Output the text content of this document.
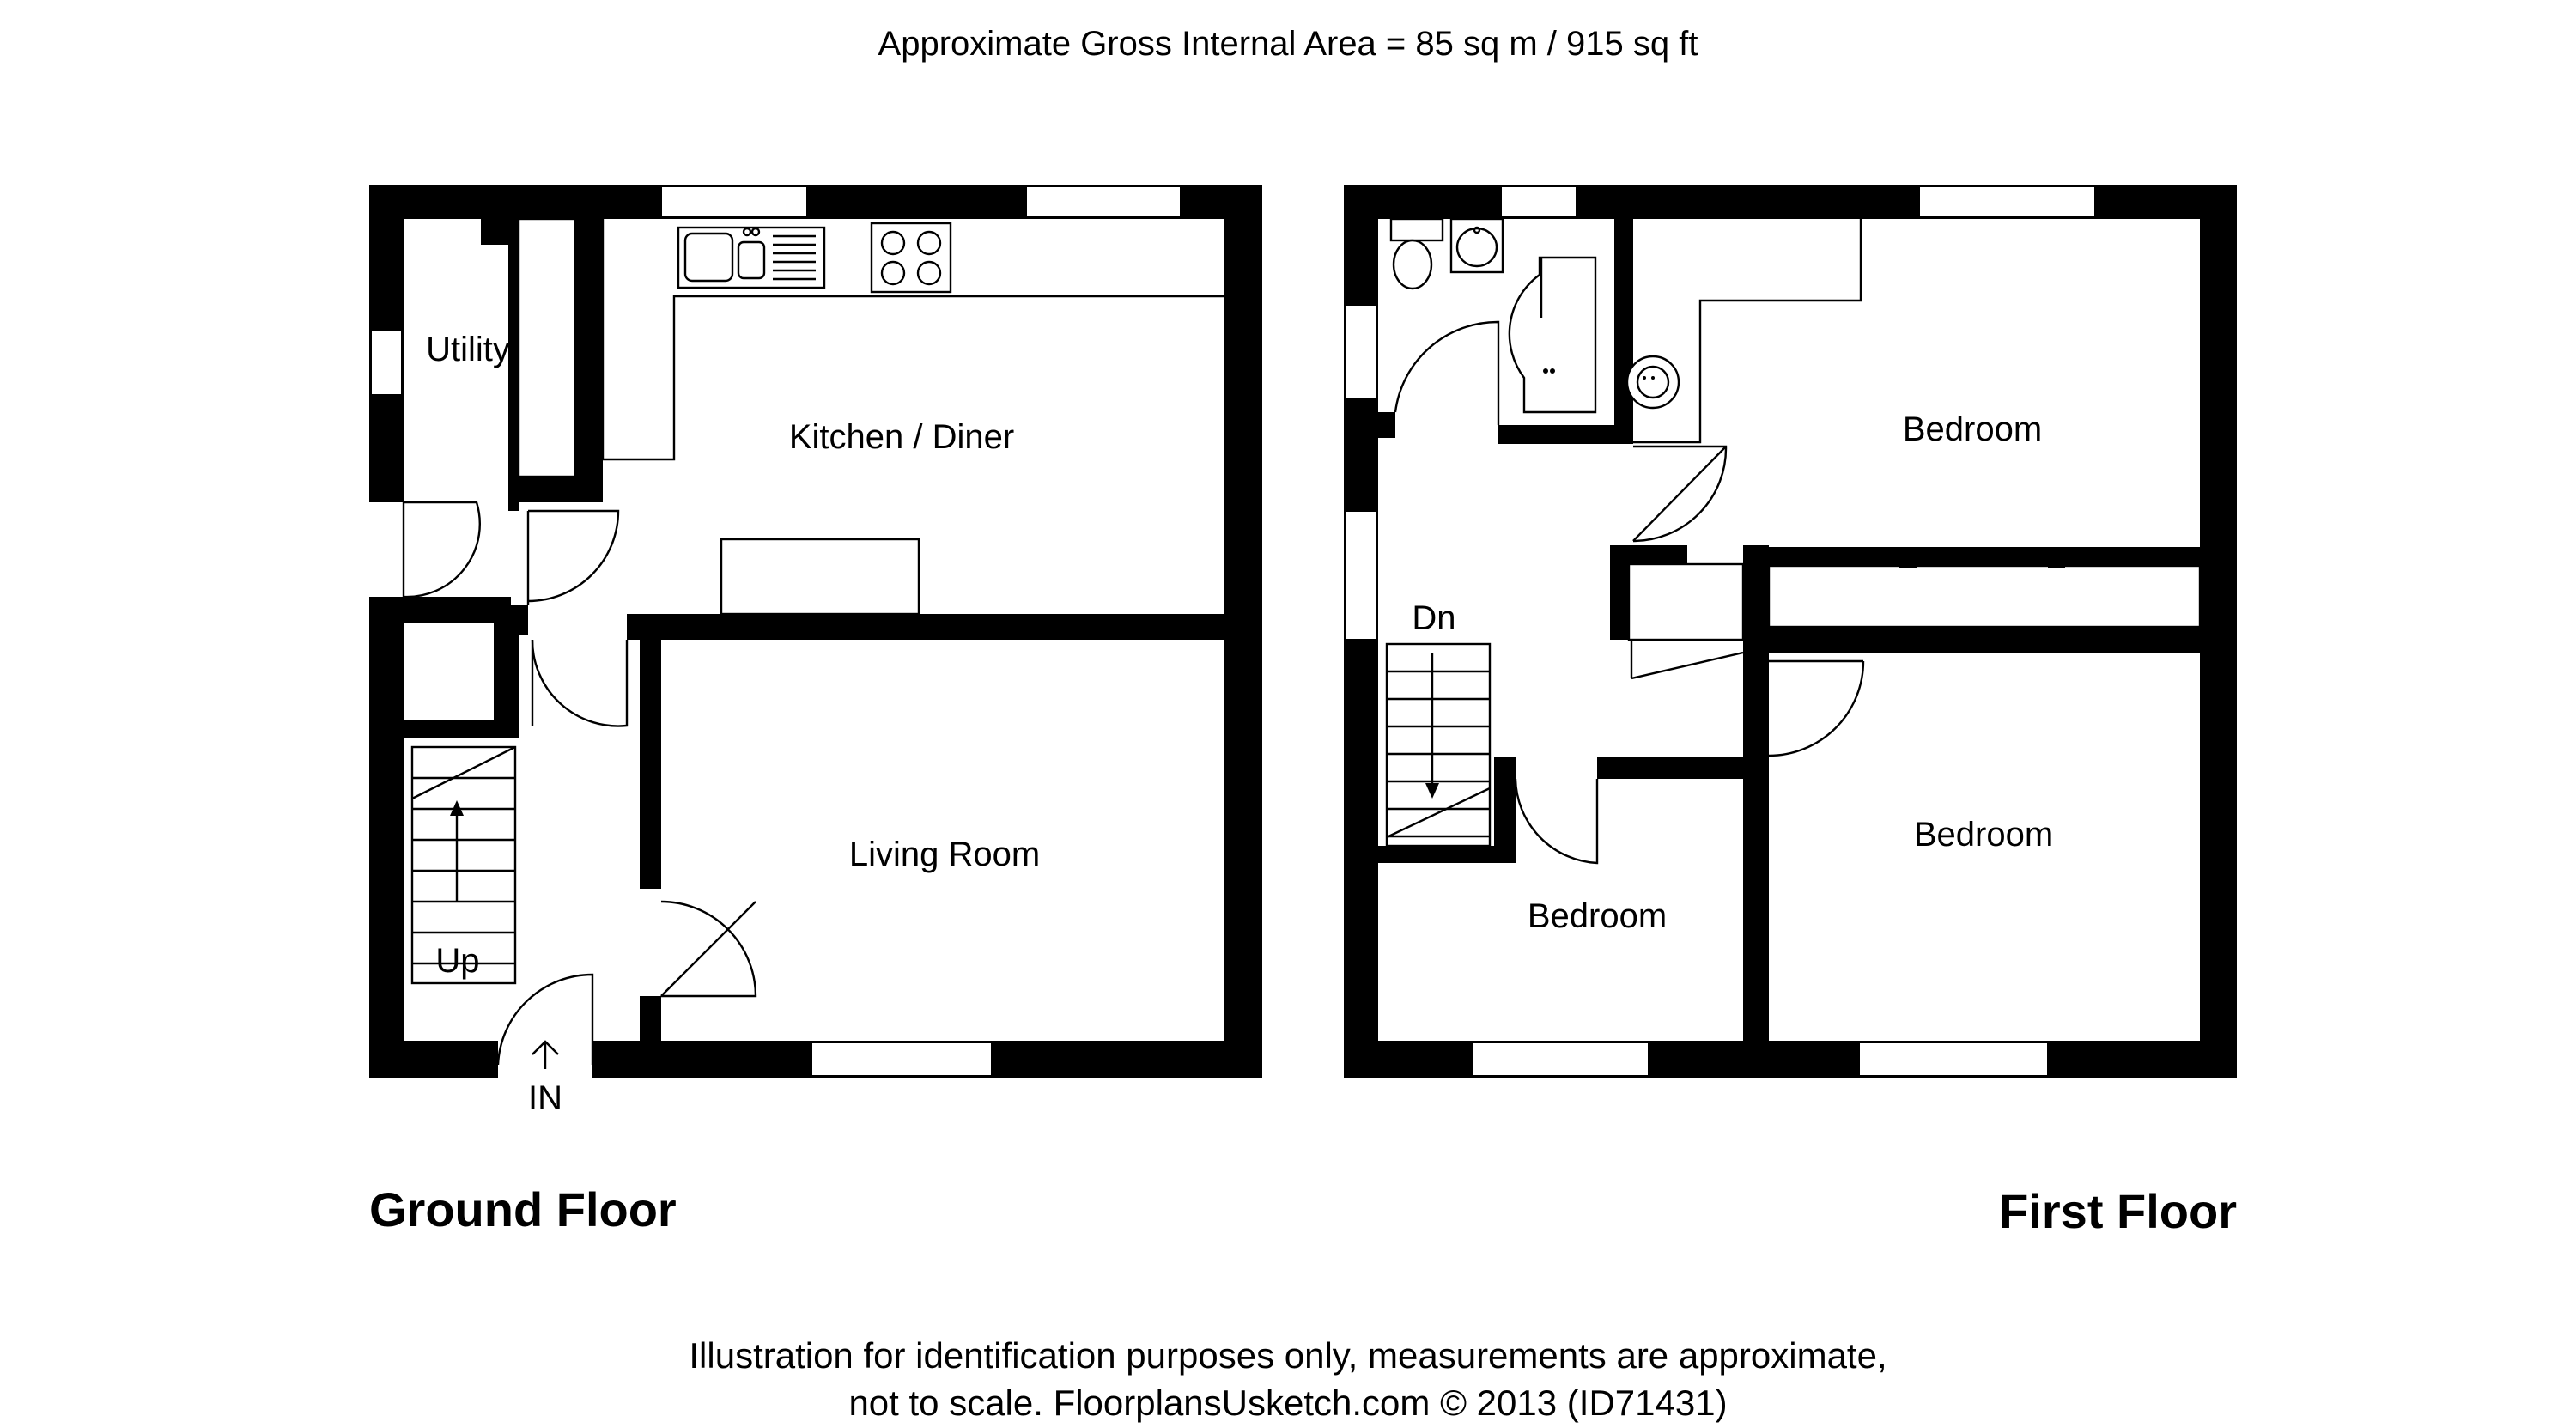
Approximate Gross Internal Area = 85 sq m / 915 sq ft
Utility
Kitchen / Diner
Living Room
Up
IN
Ground Floor
Dn
Bedroom
Bedroom
Bedroom
First Floor
Illustration for identification purposes only, measurements are approximate,
not to scale. FloorplansUsketch.com © 2013 (ID71431)
